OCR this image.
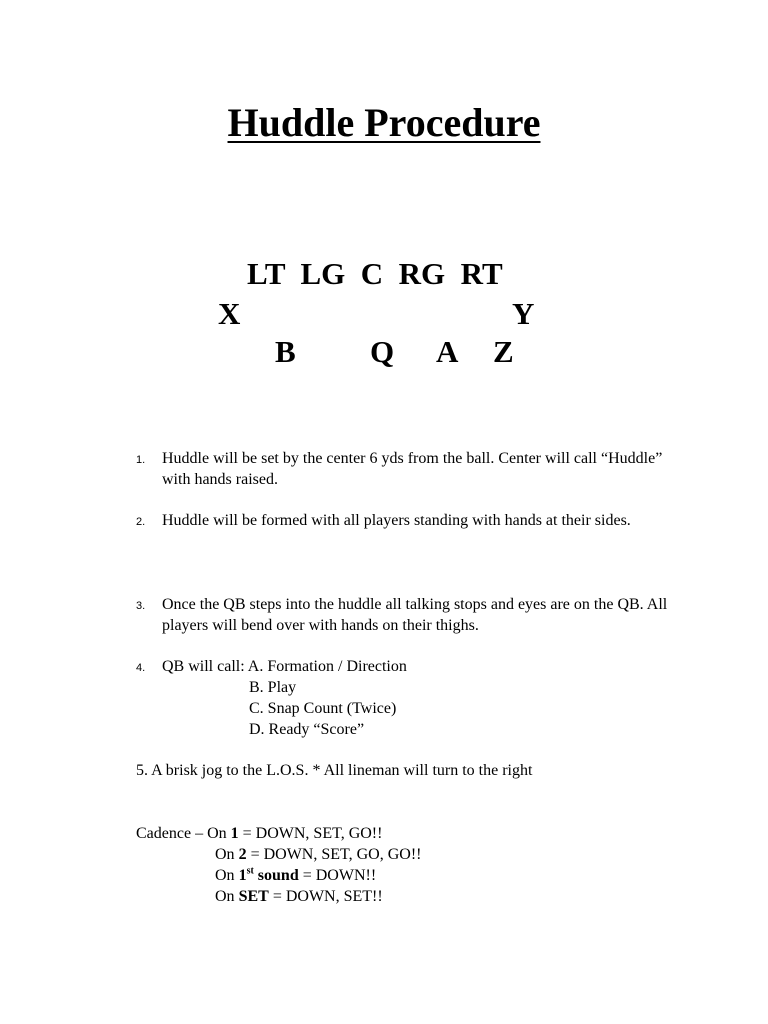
Huddle Procedure
LT LG C RG RT
X	Y
B Q A Z
1. Huddle will be set by the center 6 yds from the ball. Center will call “Huddle” with hands raised.
2. Huddle will be formed with all players standing with hands at their sides.
3. Once the QB steps into the huddle all talking stops and eyes are on the QB. All players will bend over with hands on their thighs.
4. QB will call: A. Formation / Direction
B. Play
C. Snap Count (Twice)
D. Ready “Score”
5. A brisk jog to the L.O.S. * All lineman will turn to the right
Cadence – On 1 = DOWN, SET, GO!!
On 2 = DOWN, SET, GO, GO!!
On 1st sound = DOWN!!
On SET = DOWN, SET!!
